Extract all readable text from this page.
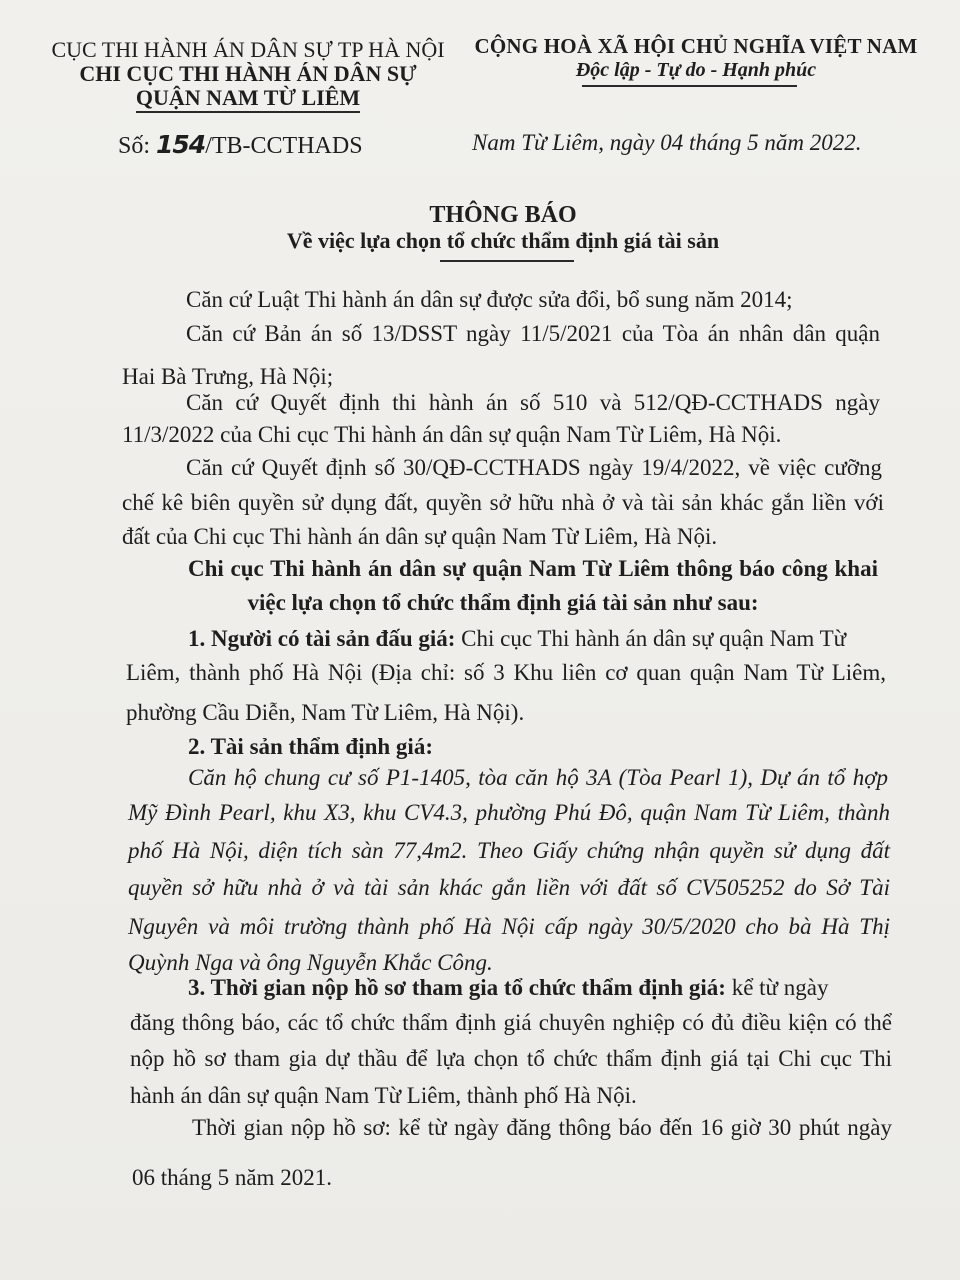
CỤC THI HÀNH ÁN DÂN SỰ TP HÀ NỘI
CHI CỤC THI HÀNH ÁN DÂN SỰ
QUẬN NAM TỪ LIÊM
CỘNG HOÀ XÃ HỘI CHỦ NGHĨA VIỆT NAM
Độc lập - Tự do - Hạnh phúc
Số: 154/TB-CCTHADS	Nam Từ Liêm, ngày 04 tháng 5 năm 2022.
THÔNG BÁO
Về việc lựa chọn tổ chức thẩm định giá tài sản
Căn cứ Luật Thi hành án dân sự được sửa đổi, bổ sung năm 2014;
Căn cứ Bản án số 13/DSST ngày 11/5/2021 của Tòa án nhân dân quận
Hai Bà Trưng, Hà Nội;
Căn cứ Quyết định thi hành án số 510 và 512/QĐ-CCTHADS ngày
11/3/2022 của Chi cục Thi hành án dân sự quận Nam Từ Liêm, Hà Nội.
Căn cứ Quyết định số 30/QĐ-CCTHADS ngày 19/4/2022, về việc cưỡng
chế kê biên quyền sử dụng đất, quyền sở hữu nhà ở và tài sản khác gắn liền với
đất của Chi cục Thi hành án dân sự quận Nam Từ Liêm, Hà Nội.
Chi cục Thi hành án dân sự quận Nam Từ Liêm thông báo công khai
việc lựa chọn tổ chức thẩm định giá tài sản như sau:
1. Người có tài sản đấu giá: Chi cục Thi hành án dân sự quận Nam Từ
Liêm, thành phố Hà Nội (Địa chỉ: số 3 Khu liên cơ quan quận Nam Từ Liêm,
phường Cầu Diễn, Nam Từ Liêm, Hà Nội).
2. Tài sản thẩm định giá:
Căn hộ chung cư số P1-1405, tòa căn hộ 3A (Tòa Pearl 1), Dự án tổ hợp
Mỹ Đình Pearl, khu X3, khu CV4.3, phường Phú Đô, quận Nam Từ Liêm, thành
phố Hà Nội, diện tích sàn 77,4m2. Theo Giấy chứng nhận quyền sử dụng đất
quyền sở hữu nhà ở và tài sản khác gắn liền với đất số CV505252 do Sở Tài
Nguyên và môi trường thành phố Hà Nội cấp ngày 30/5/2020 cho bà Hà Thị
Quỳnh Nga và ông Nguyễn Khắc Công.
3. Thời gian nộp hồ sơ tham gia tổ chức thẩm định giá: kể từ ngày
đăng thông báo, các tổ chức thẩm định giá chuyên nghiệp có đủ điều kiện có thể
nộp hồ sơ tham gia dự thầu để lựa chọn tổ chức thẩm định giá tại Chi cục Thi
hành án dân sự quận Nam Từ Liêm, thành phố Hà Nội.
Thời gian nộp hồ sơ: kể từ ngày đăng thông báo đến 16 giờ 30 phút ngày
06 tháng 5 năm 2021.
